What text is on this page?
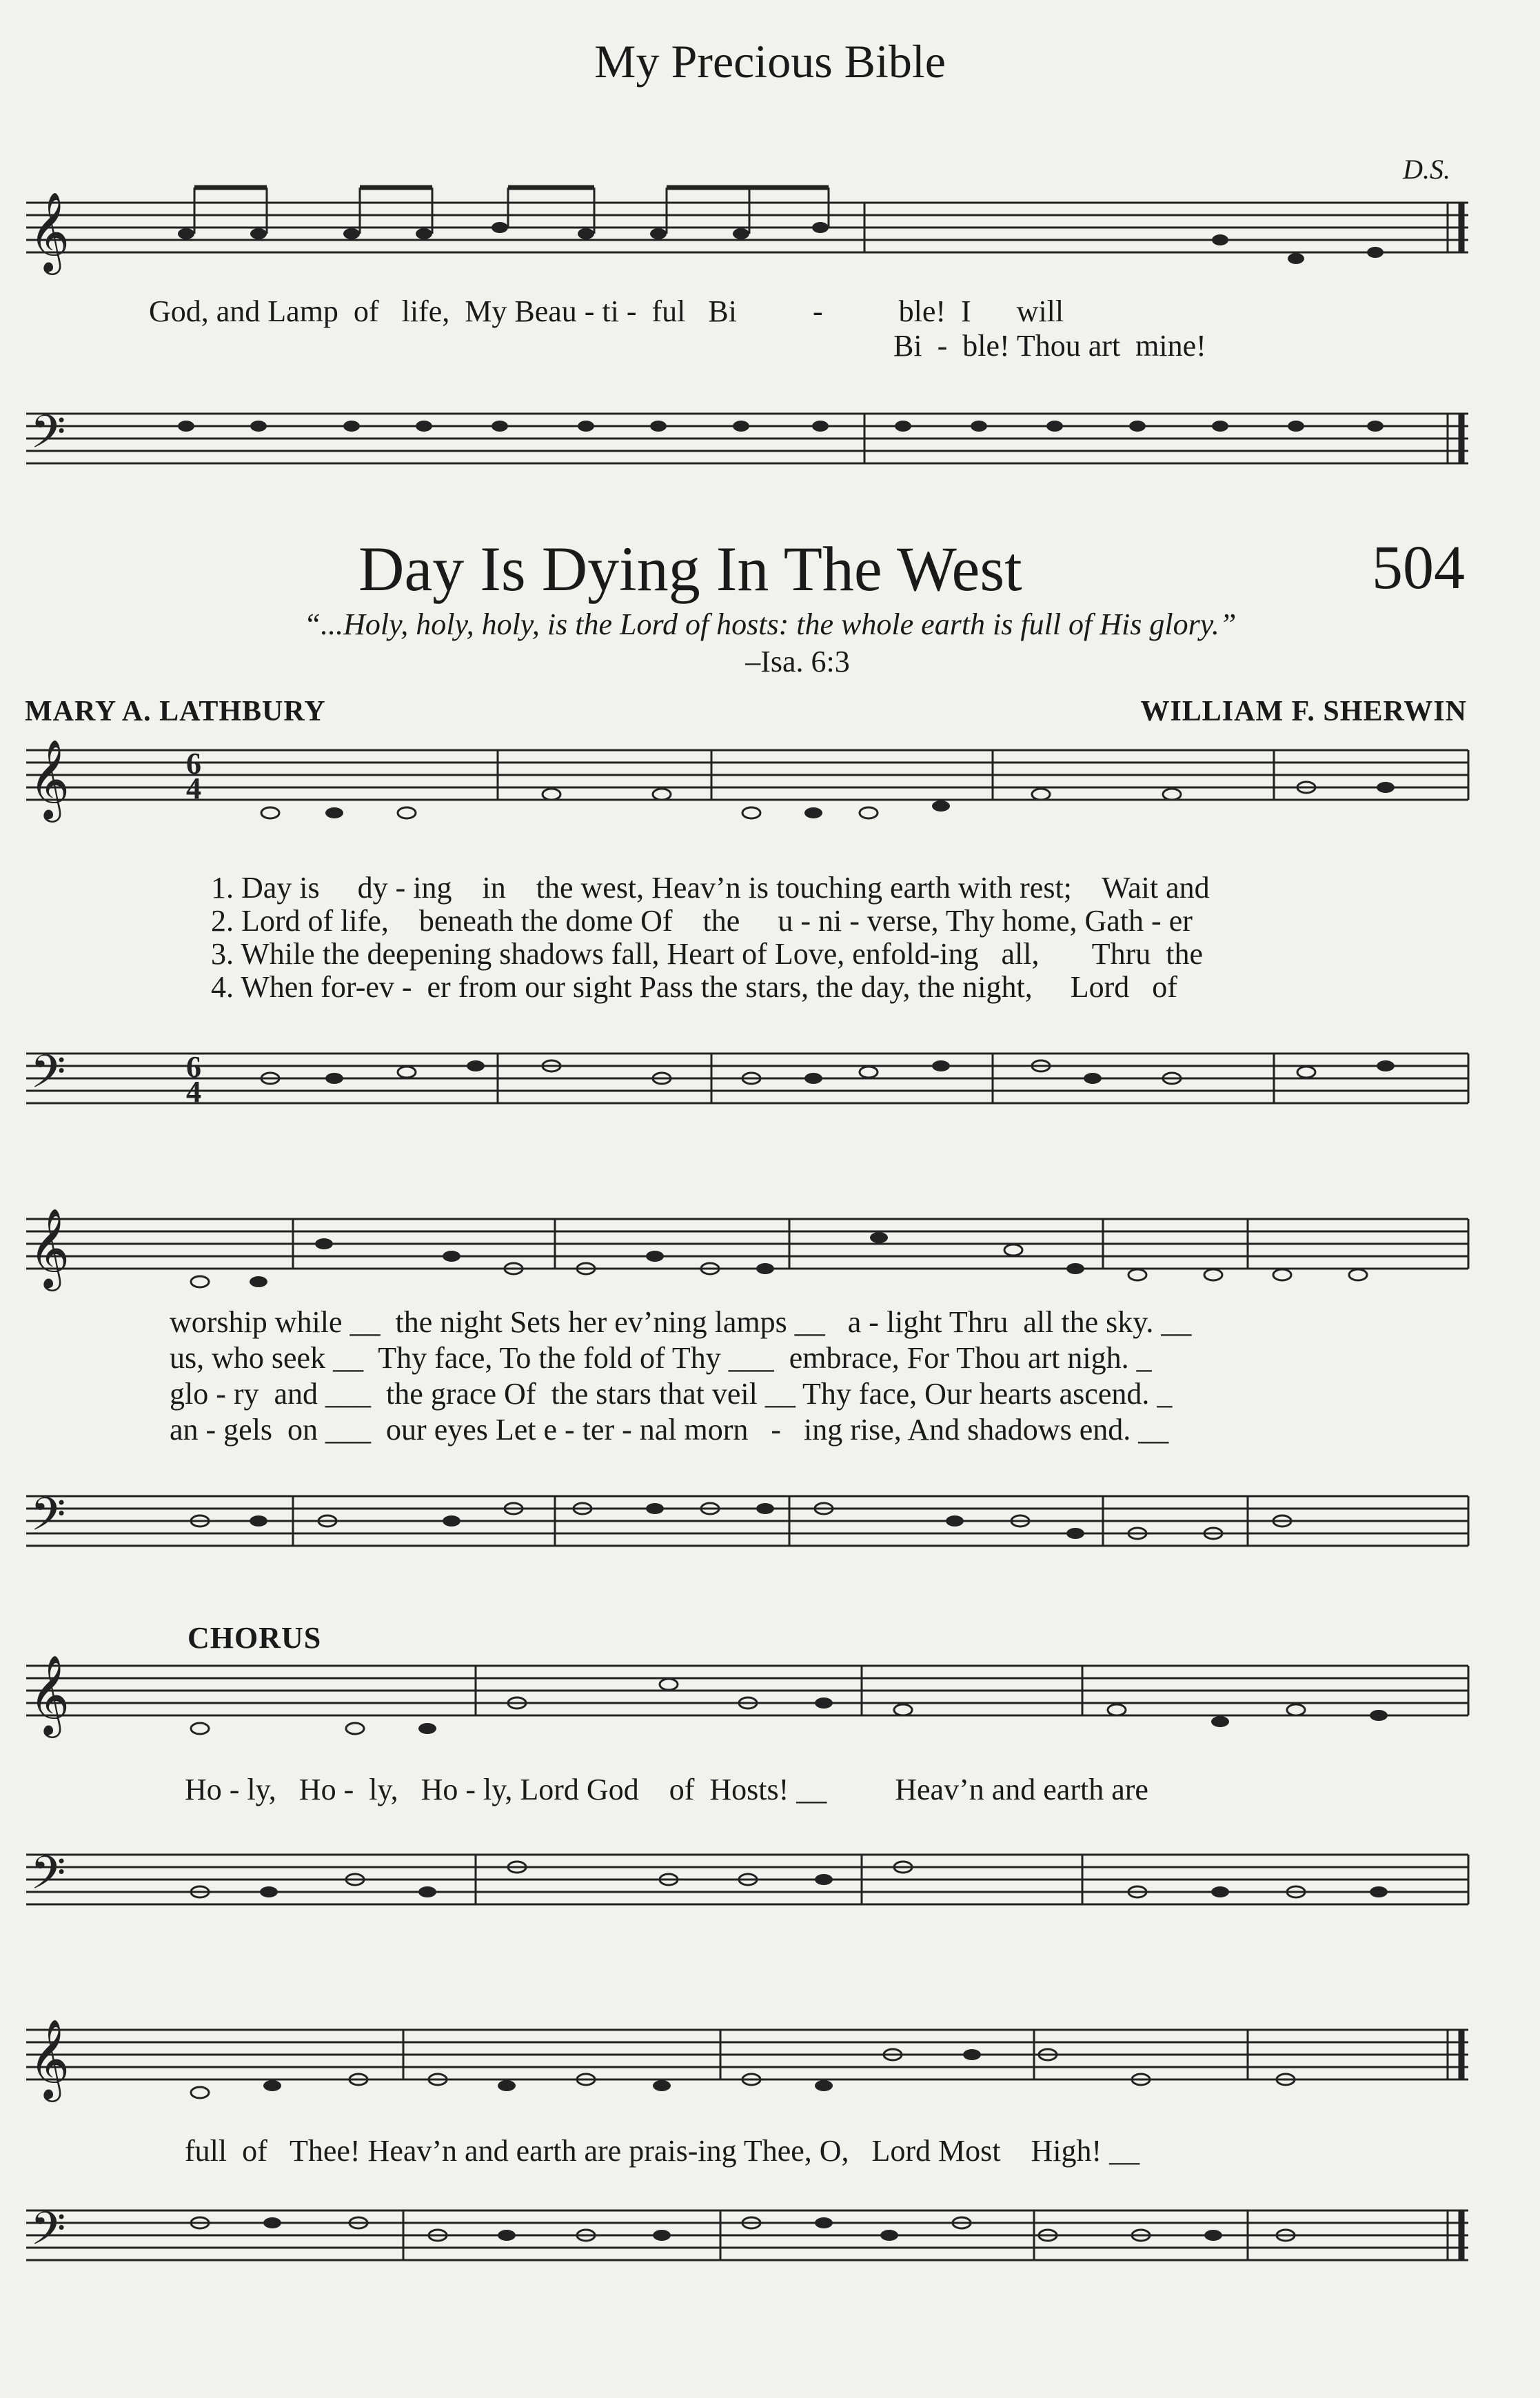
My Precious Bible
D.S.
𝄞
God, and Lamp  of   life,  My Beau - ti -  ful   Bi          -          ble!  I      will
Bi  -  ble! Thou art  mine!
𝄢
Day Is Dying In The West	504
“...Holy, holy, holy, is the Lord of hosts: the whole earth is full of His glory.”
–Isa. 6:3
MARY A. LATHBURY	WILLIAM F. SHERWIN
𝄞	6
4
1. Day is     dy - ing    in    the west, Heav’n is touching earth with rest;    Wait and
2. Lord of life,    beneath the dome Of    the     u - ni - verse, Thy home, Gath - er
3. While the deepening shadows fall, Heart of Love, enfold-ing   all,       Thru  the
4. When for-ev -  er from our sight Pass the stars, the day, the night,     Lord   of
𝄢	6
4
𝄞
worship while __  the night Sets her ev’ning lamps __   a - light Thru  all the sky. __
us, who seek __  Thy face, To the fold of Thy ___  embrace, For Thou art nigh. _
glo - ry  and ___  the grace Of  the stars that veil __ Thy face, Our hearts ascend. _
an - gels  on ___  our eyes Let e - ter - nal morn   -   ing rise, And shadows end. __
𝄢
CHORUS
𝄞
Ho - ly,   Ho -  ly,   Ho - ly, Lord God    of  Hosts! __         Heav’n and earth are
𝄢
𝄞
full  of   Thee! Heav’n and earth are prais-ing Thee, O,   Lord Most    High! __
𝄢
